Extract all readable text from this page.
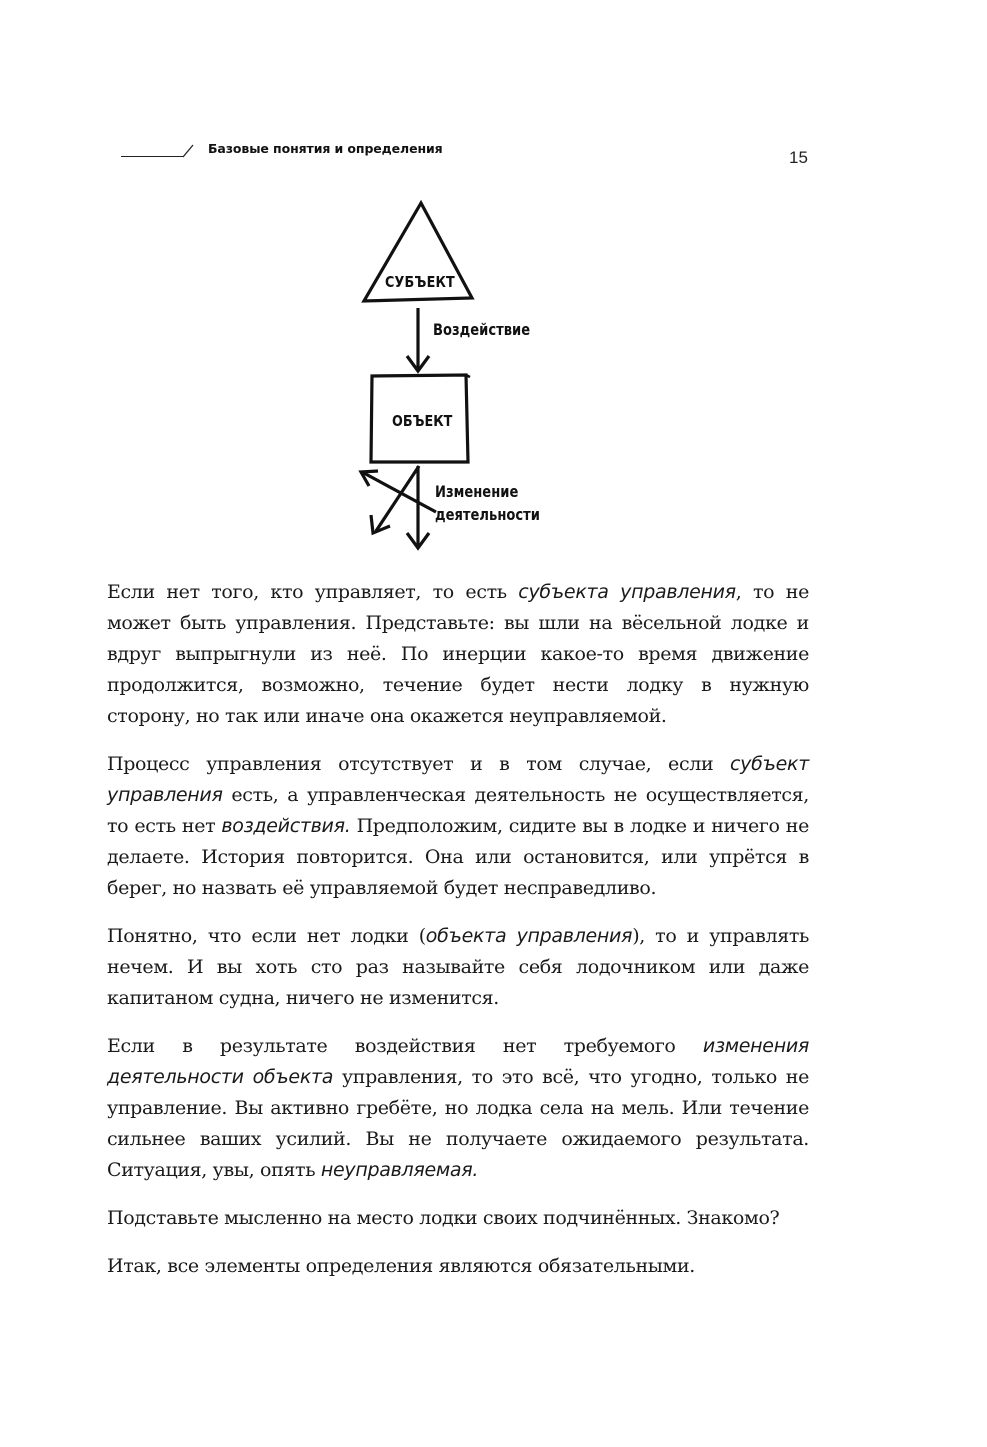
Базовые понятия и определения	15
СУБЪЕКТ
Воздействие
ОБЪЕКТ
Изменение
деятельности

Если нет того, кто управляет, то есть субъекта управления, то не может быть управления. Представьте: вы шли на вёсельной лодке и вдруг выпрыгнули из неё. По инерции какое-то время движение продолжится, возможно, течение будет нести лодку в нужную сторону, но так или иначе она окажется неуправляемой.

Процесс управления отсутствует и в том случае, если субъект управления есть, а управленческая деятельность не осуществляется, то есть нет воздействия. Предположим, сидите вы в лодке и ничего не делаете. История повторится. Она или остановится, или упрётся в берег, но назвать её управляемой будет несправедливо.

Понятно, что если нет лодки (объекта управления), то и управлять нечем. И вы хоть сто раз называйте себя лодочником или даже капитаном судна, ничего не изменится.

Если в результате воздействия нет требуемого изменения деятельности объекта управления, то это всё, что угодно, только не управление. Вы активно гребёте, но лодка села на мель. Или течение сильнее ваших усилий. Вы не получаете ожидаемого результата. Ситуация, увы, опять неуправляемая.

Подставьте мысленно на место лодки своих подчинённых. Знакомо?

Итак, все элементы определения являются обязательными.
